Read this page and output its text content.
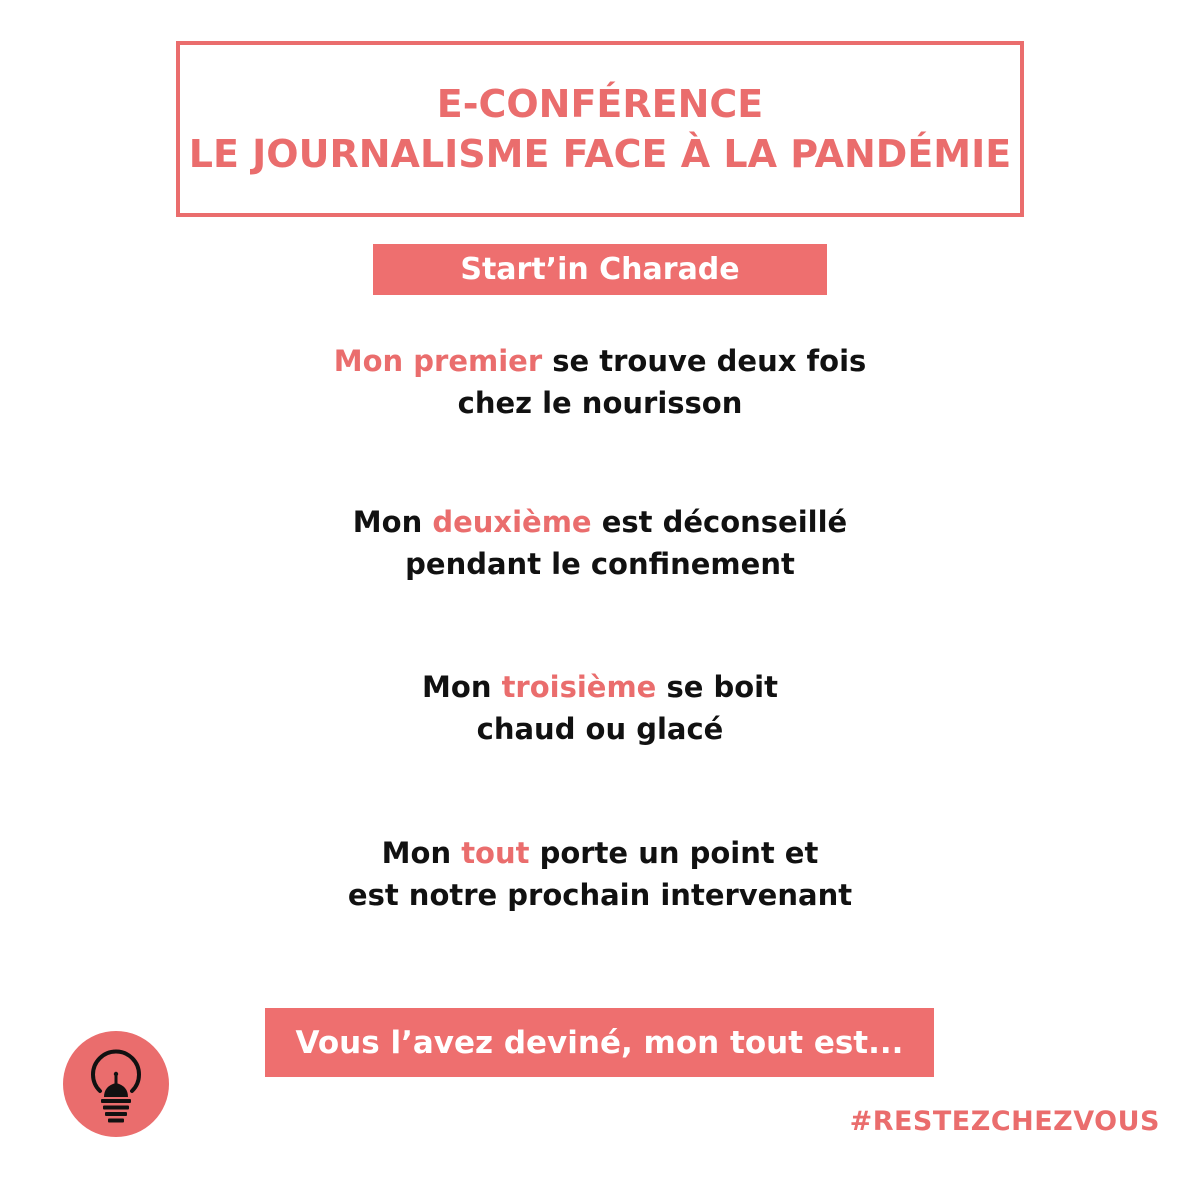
E-CONFÉRENCE
LE JOURNALISME FACE À LA PANDÉMIE
Start’in Charade
Mon premier se trouve deux fois
chez le nourisson
Mon deuxième est déconseillé
pendant le confinement
Mon troisième se boit
chaud ou glacé
Mon tout porte un point et
est notre prochain intervenant
Vous l’avez deviné, mon tout est...
#RESTEZCHEZVOUS
